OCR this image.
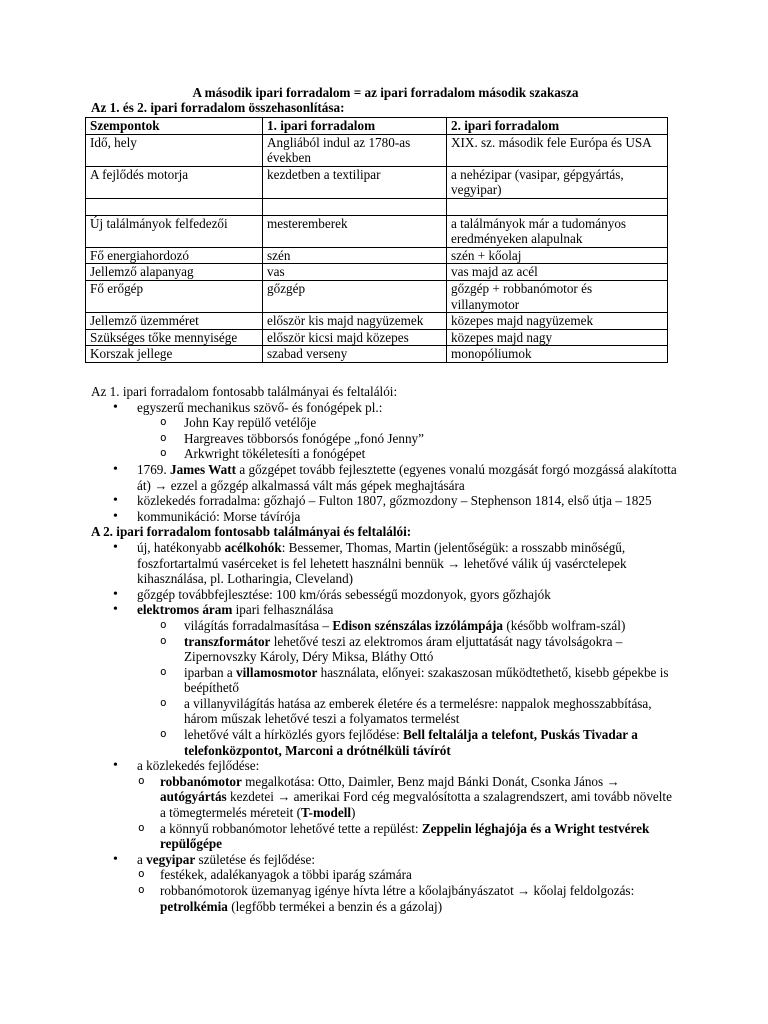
A második ipari forradalom = az ipari forradalom második szakasza
Az 1. és 2. ipari forradalom összehasonlítása:
Szempontok	1. ipari forradalom	2. ipari forradalom
Idő, hely	Angliából indul az 1780-as években	XIX. sz. második fele Európa és USA
A fejlődés motorja	kezdetben a textilipar	a nehézipar (vasipar, gépgyártás, vegyipar)

Új találmányok felfedezői	mesteremberek	a találmányok már a tudományos eredményeken alapulnak
Fő energiahordozó	szén	szén + kőolaj
Jellemző alapanyag	vas	vas majd az acél
Fő erőgép	gőzgép	gőzgép + robbanómotor és villanymotor
Jellemző üzemméret	először kis majd nagyüzemek	közepes majd nagyüzemek
Szükséges tőke mennyisége	először kicsi majd közepes	közepes majd nagy
Korszak jellege	szabad verseny	monopóliumok

Az 1. ipari forradalom fontosabb találmányai és feltalálói:

• egyszerű mechanikus szövő- és fonógépek pl.:
o John Kay repülő vetélője
o Hargreaves többorsós fonógépe „fonó Jenny”
o Arkwright tökéletesíti a fonógépet
• 1769. James Watt a gőzgépet tovább fejlesztette (egyenes vonalú mozgását forgó mozgássá alakította át) → ezzel a gőzgép alkalmassá vált más gépek meghajtására
• közlekedés forradalma: gőzhajó – Fulton 1807, gőzmozdony – Stephenson 1814, első útja – 1825
• kommunikáció: Morse távírója

A 2. ipari forradalom fontosabb találmányai és feltalálói:

• új, hatékonyabb acélkohók: Bessemer, Thomas, Martin (jelentőségük: a rosszabb minőségű, foszfortartalmú vasérceket is fel lehetett használni bennük → lehetővé válik új vasérctelepek kihasználása, pl. Lotharingia, Cleveland)
• gőzgép továbbfejlesztése: 100 km/órás sebességű mozdonyok, gyors gőzhajók
• elektromos áram ipari felhasználása
o világítás forradalmasítása – Edison szénszálas izzólámpája (később wolfram-szál)
o transzformátor lehetővé teszi az elektromos áram eljuttatását nagy távolságokra – Zipernovszky Károly, Déry Miksa, Bláthy Ottó
o iparban a villamosmotor használata, előnyei: szakaszosan működtethető, kisebb gépekbe is beépíthető
o a villanyvilágítás hatása az emberek életére és a termelésre: nappalok meghosszabbítása, három műszak lehetővé teszi a folyamatos termelést
o lehetővé vált a hírközlés gyors fejlődése: Bell feltalálja a telefont, Puskás Tivadar a telefonközpontot, Marconi a drótnélküli távírót
• a közlekedés fejlődése:
o robbanómotor megalkotása: Otto, Daimler, Benz majd Bánki Donát, Csonka János → autógyártás kezdetei → amerikai Ford cég megvalósította a szalagrendszert, ami tovább növelte a tömegtermelés méreteit (T-modell)
o a könnyű robbanómotor lehetővé tette a repülést: Zeppelin léghajója és a Wright testvérek repülőgépe
• a vegyipar születése és fejlődése:
o festékek, adalékanyagok a többi iparág számára
o robbanómotorok üzemanyag igénye hívta létre a kőolajbányászatot → kőolaj feldolgozás: petrolkémia (legfőbb termékei a benzin és a gázolaj)
